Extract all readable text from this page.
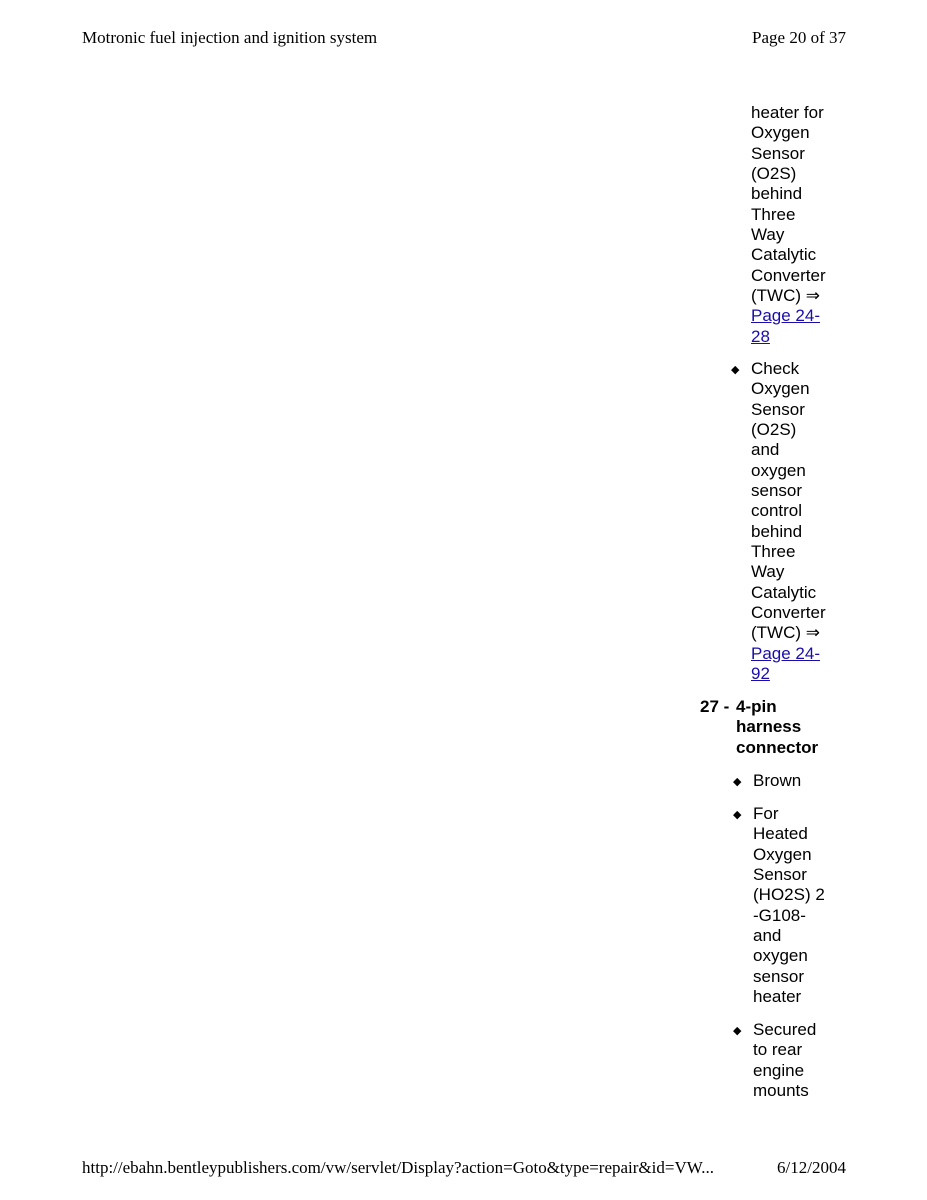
Motronic fuel injection and ignition system	Page 20 of 37
heater for
Oxygen
Sensor
(O2S)
behind
Three
Way
Catalytic
Converter
(TWC) ⇒
Page 24-
28
◆ Check
Oxygen
Sensor
(O2S)
and
oxygen
sensor
control
behind
Three
Way
Catalytic
Converter
(TWC) ⇒
Page 24-
92
27 - 4-pin
harness
connector
◆ Brown
◆ For
Heated
Oxygen
Sensor
(HO2S) 2
-G108-
and
oxygen
sensor
heater
◆ Secured
to rear
engine
mounts
http://ebahn.bentleypublishers.com/vw/servlet/Display?action=Goto&type=repair&id=VW...	6/12/2004
